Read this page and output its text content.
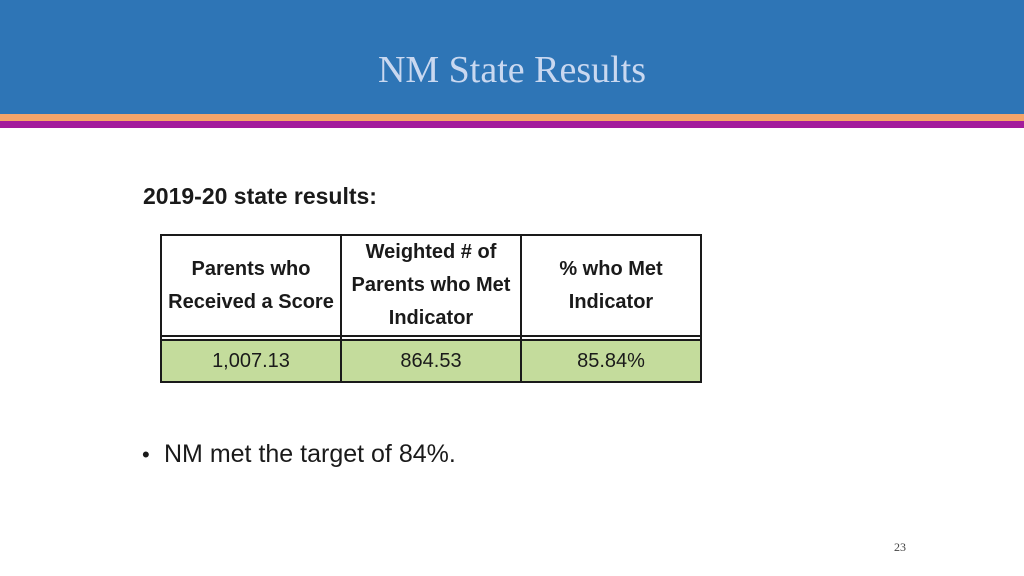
NM State Results
2019-20 state results:
Parents who Received a Score	Weighted # of Parents who Met Indicator	% who Met Indicator

1,007.13	864.53	85.84%
• NM met the target of 84%.
23
